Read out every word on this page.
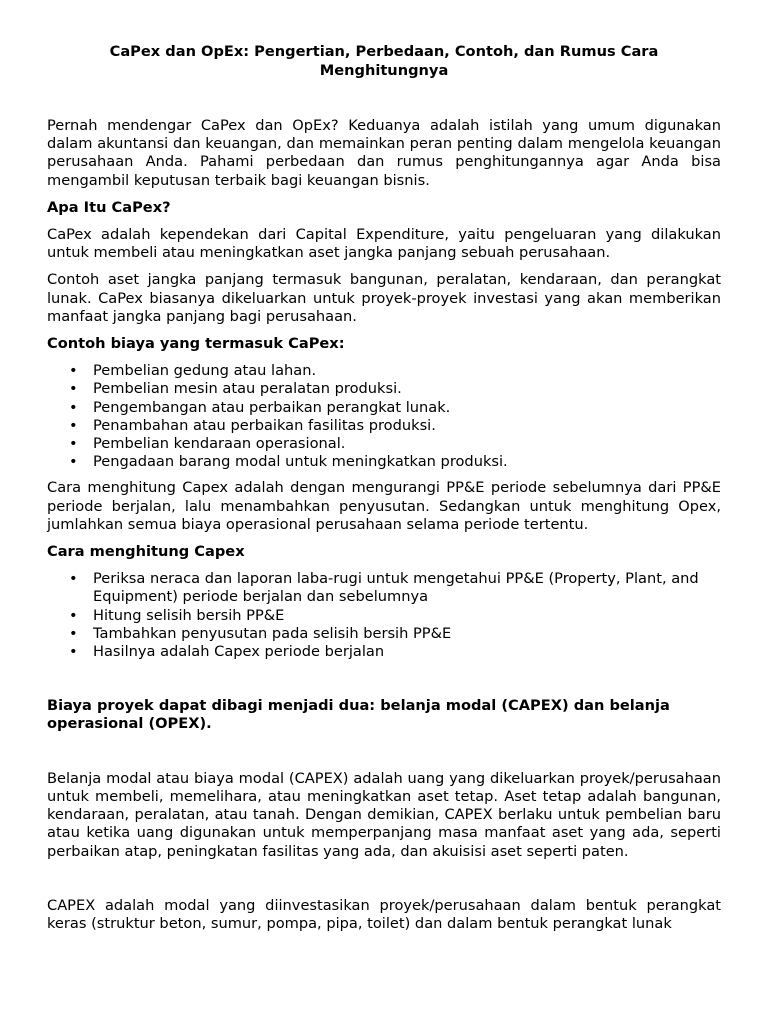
CaPex dan OpEx: Pengertian, Perbedaan, Contoh, dan Rumus Cara Menghitungnya

Pernah mendengar CaPex dan OpEx? Keduanya adalah istilah yang umum digunakan dalam akuntansi dan keuangan, dan memainkan peran penting dalam mengelola keuangan perusahaan Anda. Pahami perbedaan dan rumus penghitungannya agar Anda bisa mengambil keputusan terbaik bagi keuangan bisnis.

Apa Itu CaPex?

CaPex adalah kependekan dari Capital Expenditure, yaitu pengeluaran yang dilakukan untuk membeli atau meningkatkan aset jangka panjang sebuah perusahaan.

Contoh aset jangka panjang termasuk bangunan, peralatan, kendaraan, dan perangkat lunak. CaPex biasanya dikeluarkan untuk proyek-proyek investasi yang akan memberikan manfaat jangka panjang bagi perusahaan.

Contoh biaya yang termasuk CaPex:
• Pembelian gedung atau lahan.
• Pembelian mesin atau peralatan produksi.
• Pengembangan atau perbaikan perangkat lunak.
• Penambahan atau perbaikan fasilitas produksi.
• Pembelian kendaraan operasional.
• Pengadaan barang modal untuk meningkatkan produksi.

Cara menghitung Capex adalah dengan mengurangi PP&E periode sebelumnya dari PP&E periode berjalan, lalu menambahkan penyusutan. Sedangkan untuk menghitung Opex, jumlahkan semua biaya operasional perusahaan selama periode tertentu.

Cara menghitung Capex
• Periksa neraca dan laporan laba-rugi untuk mengetahui PP&E (Property, Plant, and Equipment) periode berjalan dan sebelumnya
• Hitung selisih bersih PP&E
• Tambahkan penyusutan pada selisih bersih PP&E
• Hasilnya adalah Capex periode berjalan
Biaya proyek dapat dibagi menjadi dua: belanja modal (CAPEX) dan belanja operasional (OPEX).

Belanja modal atau biaya modal (CAPEX) adalah uang yang dikeluarkan proyek/perusahaan untuk membeli, memelihara, atau meningkatkan aset tetap. Aset tetap adalah bangunan, kendaraan, peralatan, atau tanah. Dengan demikian, CAPEX berlaku untuk pembelian baru atau ketika uang digunakan untuk memperpanjang masa manfaat aset yang ada, seperti perbaikan atap, peningkatan fasilitas yang ada, dan akuisisi aset seperti paten.

CAPEX adalah modal yang diinvestasikan proyek/perusahaan dalam bentuk perangkat keras (struktur beton, sumur, pompa, pipa, toilet) dan dalam bentuk perangkat lunak
